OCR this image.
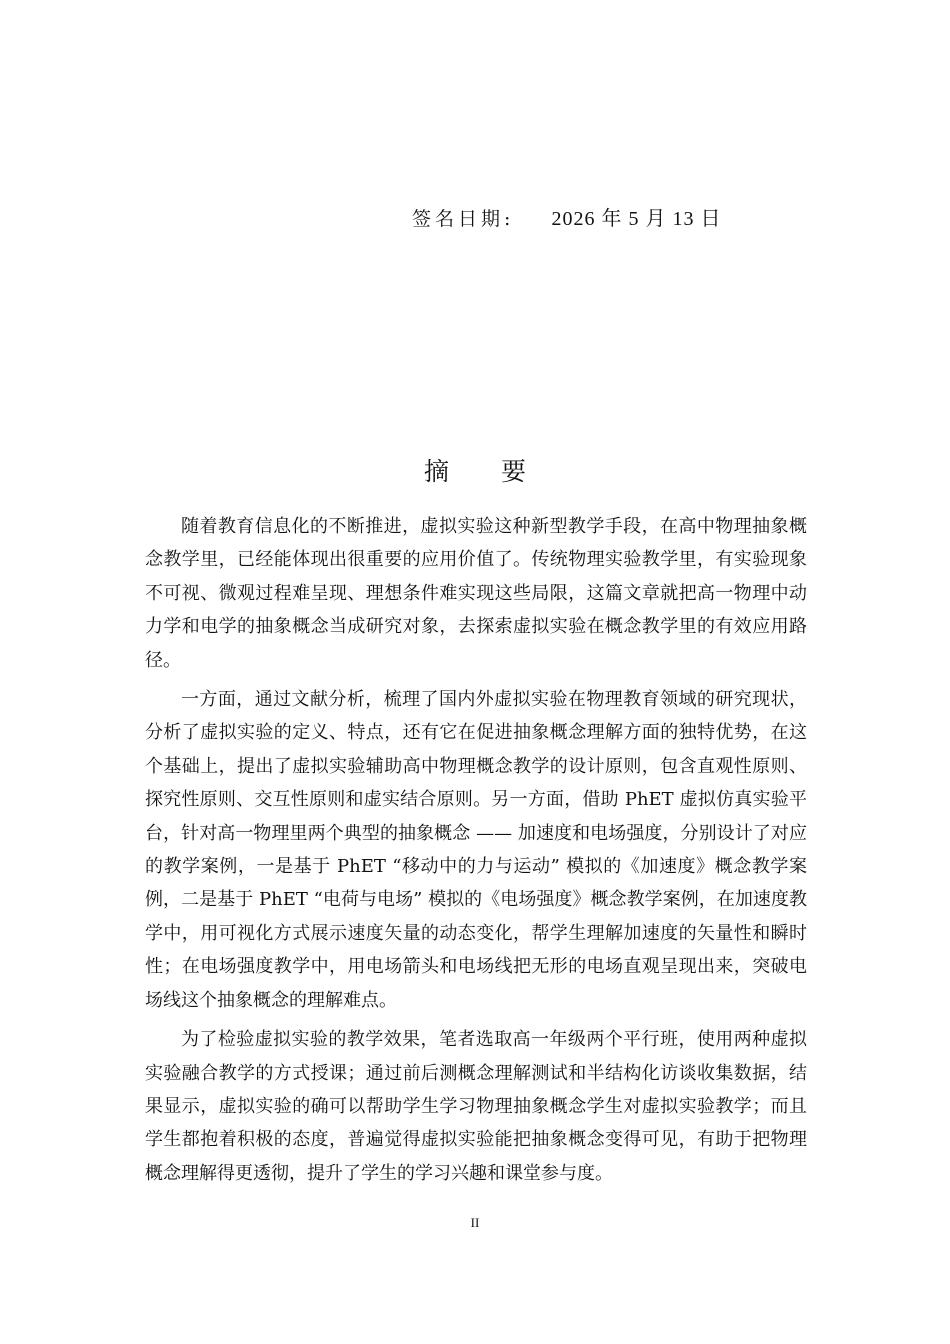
签名日期: 2026 年 5 月 13 日
摘 要

随着教育信息化的不断推进，虚拟实验这种新型教学手段，在高中物理抽象概念教学里，已经能体现出很重要的应用价值了。传统物理实验教学里，有实验现象不可视、微观过程难呈现、理想条件难实现这些局限，这篇文章就把高一物理中动力学和电学的抽象概念当成研究对象，去探索虚拟实验在概念教学里的有效应用路径。

一方面，通过文献分析，梳理了国内外虚拟实验在物理教育领域的研究现状，分析了虚拟实验的定义、特点，还有它在促进抽象概念理解方面的独特优势，在这个基础上，提出了虚拟实验辅助高中物理概念教学的设计原则，包含直观性原则、探究性原则、交互性原则和虚实结合原则。另一方面，借助 PhET 虚拟仿真实验平台，针对高一物理里两个典型的抽象概念 —— 加速度和电场强度，分别设计了对应的教学案例，一是基于 PhET “移动中的力与运动” 模拟的《加速度》概念教学案例，二是基于 PhET “电荷与电场” 模拟的《电场强度》概念教学案例，在加速度教学中，用可视化方式展示速度矢量的动态变化，帮学生理解加速度的矢量性和瞬时性；在电场强度教学中，用电场箭头和电场线把无形的电场直观呈现出来，突破电场线这个抽象概念的理解难点。

为了检验虚拟实验的教学效果，笔者选取高一年级两个平行班，使用两种虚拟实验融合教学的方式授课；通过前后测概念理解测试和半结构化访谈收集数据，结果显示，虚拟实验的确可以帮助学生学习物理抽象概念学生对虚拟实验教学；而且学生都抱着积极的态度，普遍觉得虚拟实验能把抽象概念变得可见，有助于把物理概念理解得更透彻，提升了学生的学习兴趣和课堂参与度。

II
